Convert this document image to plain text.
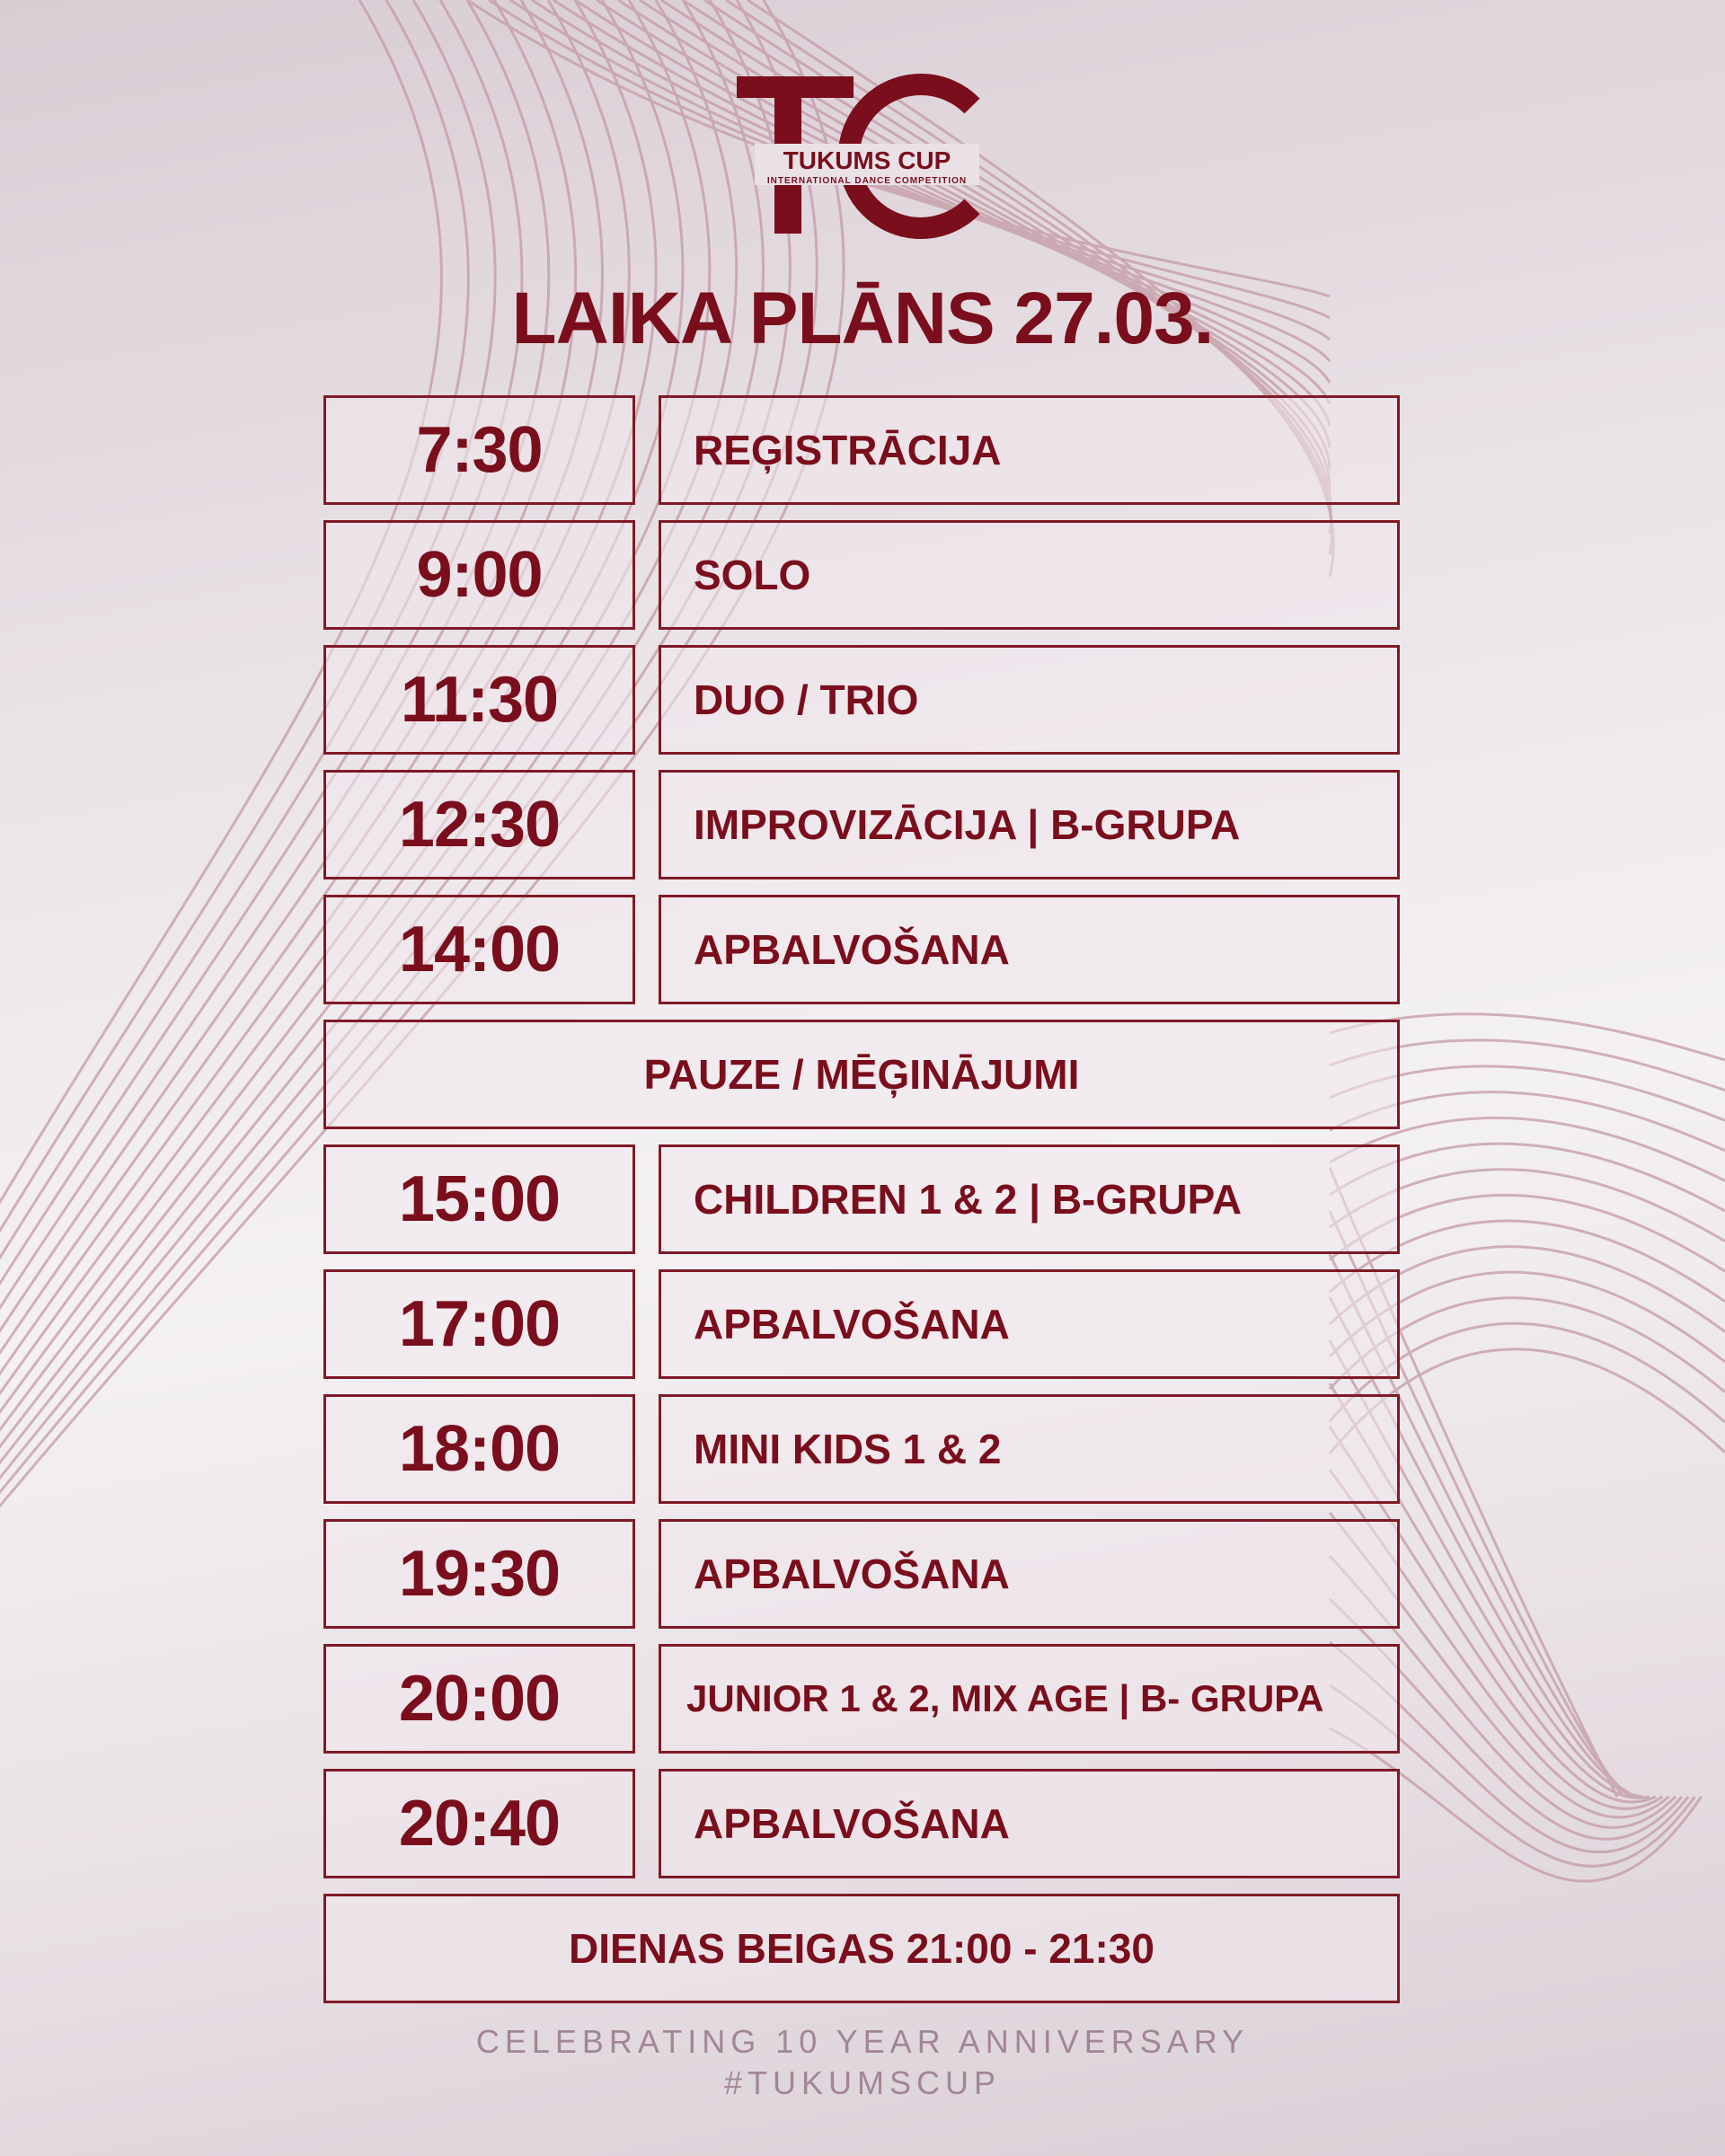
TUKUMS CUP
INTERNATIONAL DANCE COMPETITION
LAIKA PLĀNS 27.03.
7:30	REĢISTRĀCIJA
9:00	SOLO
11:30	DUO / TRIO
12:30	IMPROVIZĀCIJA | B-GRUPA
14:00	APBALVOŠANA
PAUZE / MĒĢINĀJUMI
15:00	CHILDREN 1 & 2 | B-GRUPA
17:00	APBALVOŠANA
18:00	MINI KIDS 1 & 2
19:30	APBALVOŠANA
20:00	JUNIOR 1 & 2, MIX AGE | B- GRUPA
20:40	APBALVOŠANA
DIENAS BEIGAS 21:00 - 21:30
CELEBRATING 10 YEAR ANNIVERSARY
#TUKUMSCUP
